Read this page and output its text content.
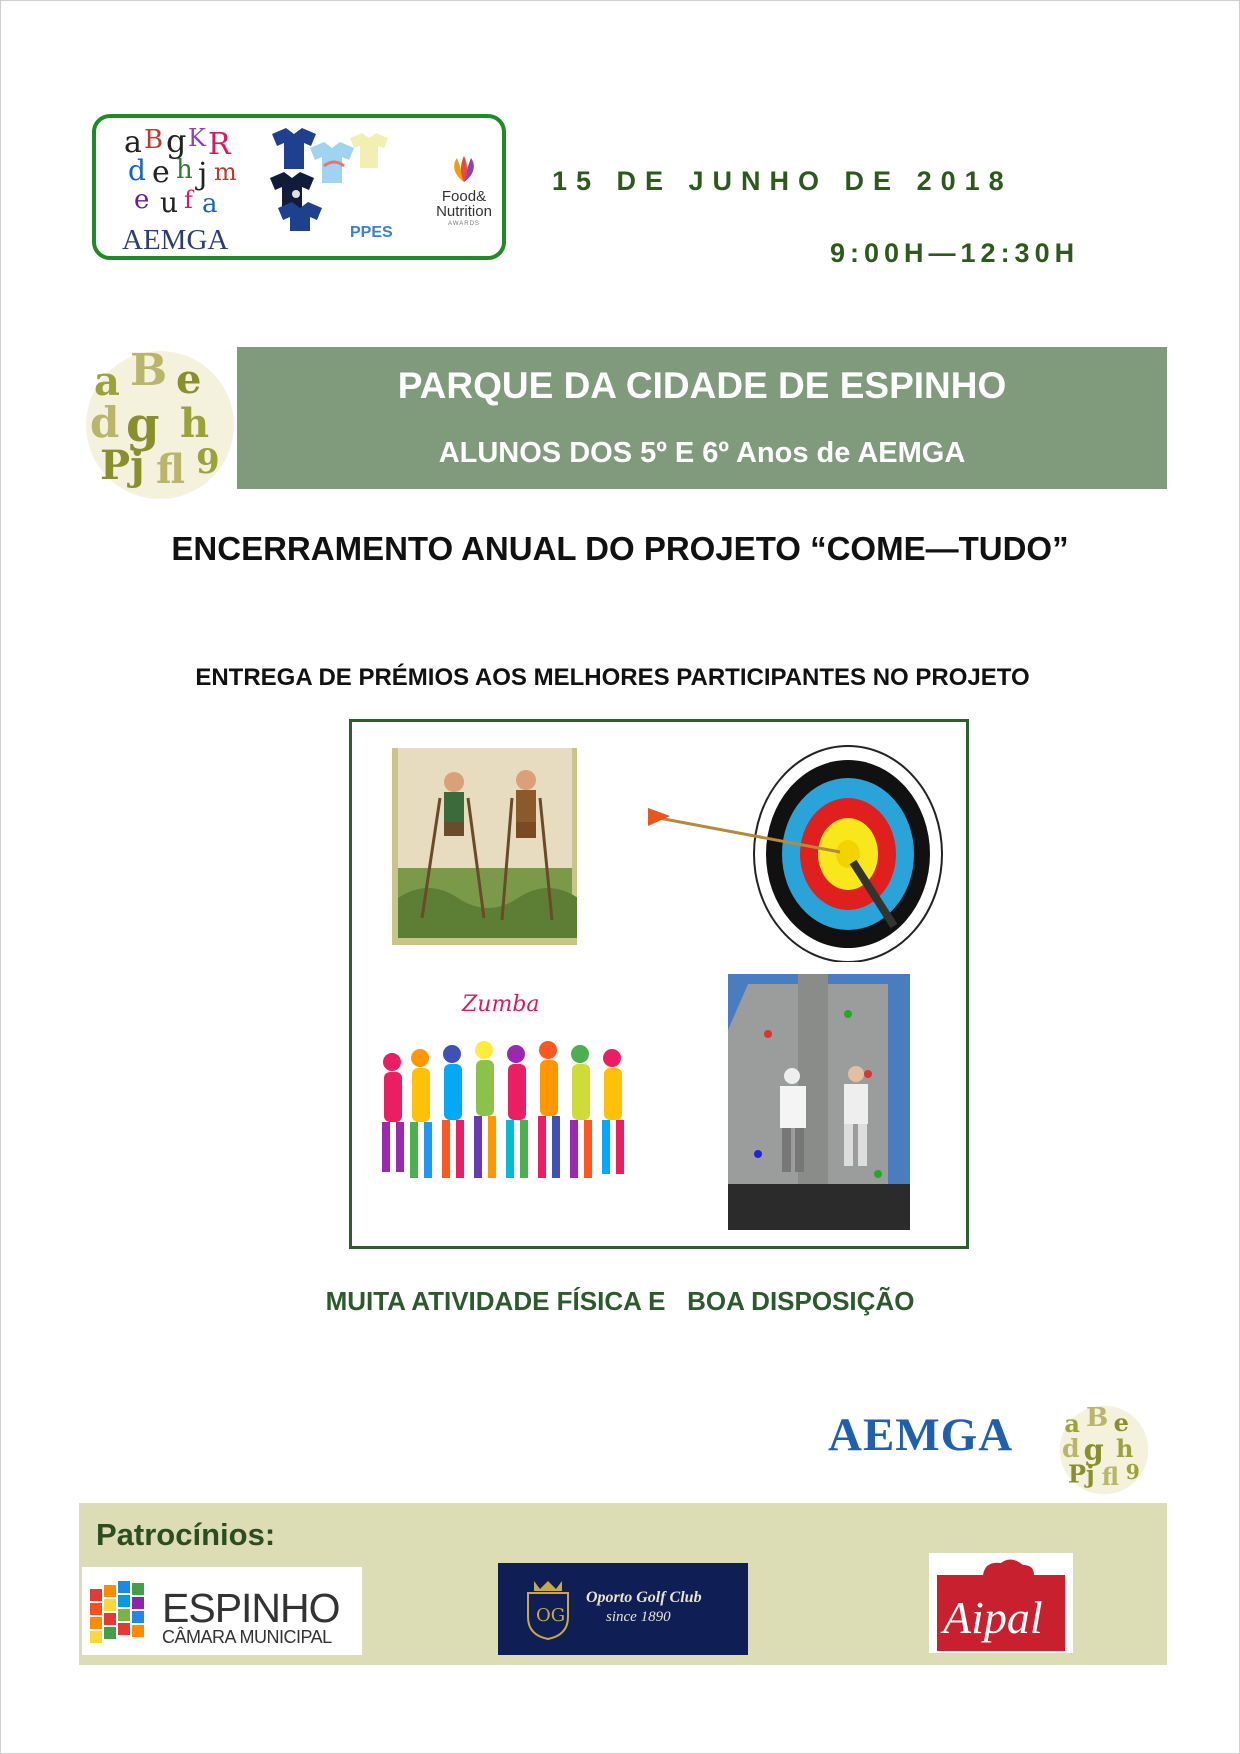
a B g K R
d e h j m
e u f a
PPES
Food&
Nutrition
AWARDS
AEMGA
15 DE JUNHO DE 2018
9:00H—12:30H
a B e
d g h
Pj fl 9
PARQUE DA CIDADE DE ESPINHO
ALUNOS DOS 5º E 6º Anos de AEMGA
ENCERRAMENTO ANUAL DO PROJETO “COME—TUDO”
ENTREGA DE PRÉMIOS AOS MELHORES PARTICIPANTES NO PROJETO
Zumba
MUITA ATIVIDADE FÍSICA E   BOA DISPOSIÇÃO
AEMGA a B e
d g h
Pj fl 9
Patrocínios:
ESPINHO
CÂMARA MUNICIPAL
OG
Oporto Golf Club
since 1890	Aipal
